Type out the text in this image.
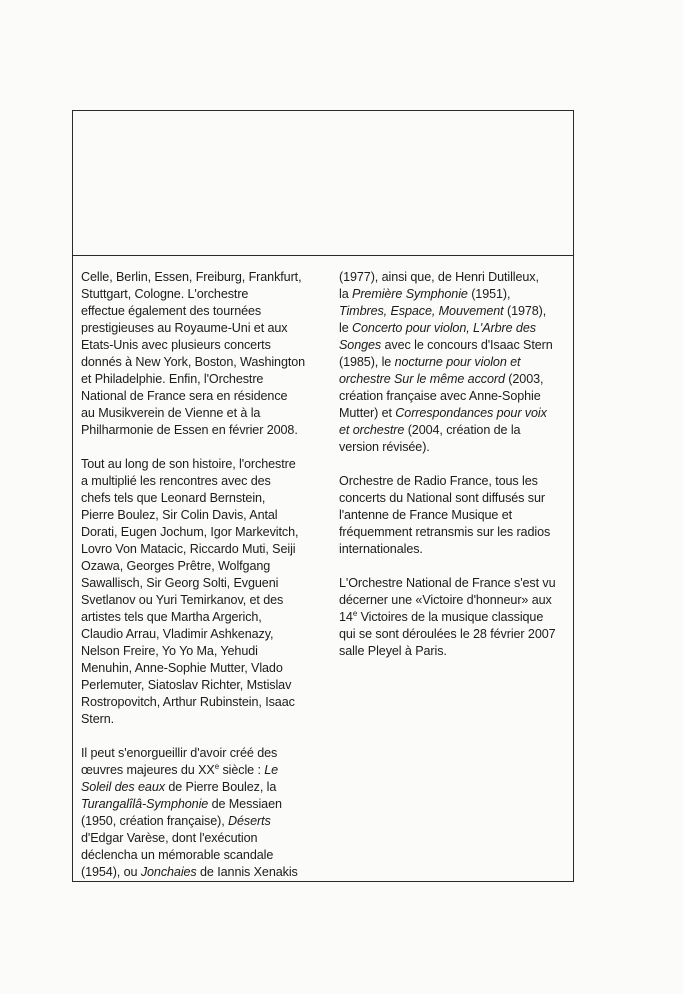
Celle, Berlin, Essen, Freiburg, Frankfurt,
Stuttgart, Cologne. L'orchestre
effectue également des tournées
prestigieuses au Royaume-Uni et aux
Etats-Unis avec plusieurs concerts
donnés à New York, Boston, Washington
et Philadelphie. Enfin, l'Orchestre
National de France sera en résidence
au Musikverein de Vienne et à la
Philharmonie de Essen en février 2008.
Tout au long de son histoire, l'orchestre
a multiplié les rencontres avec des
chefs tels que Leonard Bernstein,
Pierre Boulez, Sir Colin Davis, Antal
Dorati, Eugen Jochum, Igor Markevitch,
Lovro Von Matacic, Riccardo Muti, Seiji
Ozawa, Georges Prêtre, Wolfgang
Sawallisch, Sir Georg Solti, Evgueni
Svetlanov ou Yuri Temirkanov, et des
artistes tels que Martha Argerich,
Claudio Arrau, Vladimir Ashkenazy,
Nelson Freire, Yo Yo Ma, Yehudi
Menuhin, Anne-Sophie Mutter, Vlado
Perlemuter, Siatoslav Richter, Mstislav
Rostropovitch, Arthur Rubinstein, Isaac
Stern.
Il peut s'enorgueillir d'avoir créé des
œuvres majeures du XXe siècle : Le
Soleil des eaux de Pierre Boulez, la
Turangalîlâ-Symphonie de Messiaen
(1950, création française), Déserts
d'Edgar Varèse, dont l'exécution
déclencha un mémorable scandale
(1954), ou Jonchaies de Iannis Xenakis
(1977), ainsi que, de Henri Dutilleux,
la Première Symphonie (1951),
Timbres, Espace, Mouvement (1978),
le Concerto pour violon, L'Arbre des
Songes avec le concours d'Isaac Stern
(1985), le nocturne pour violon et
orchestre Sur le même accord (2003,
création française avec Anne-Sophie
Mutter) et Correspondances pour voix
et orchestre (2004, création de la
version révisée).
Orchestre de Radio France, tous les
concerts du National sont diffusés sur
l'antenne de France Musique et
fréquemment retransmis sur les radios
internationales.
L'Orchestre National de France s'est vu
décerner une «Victoire d'honneur» aux
14e Victoires de la musique classique
qui se sont déroulées le 28 février 2007
salle Pleyel à Paris.
